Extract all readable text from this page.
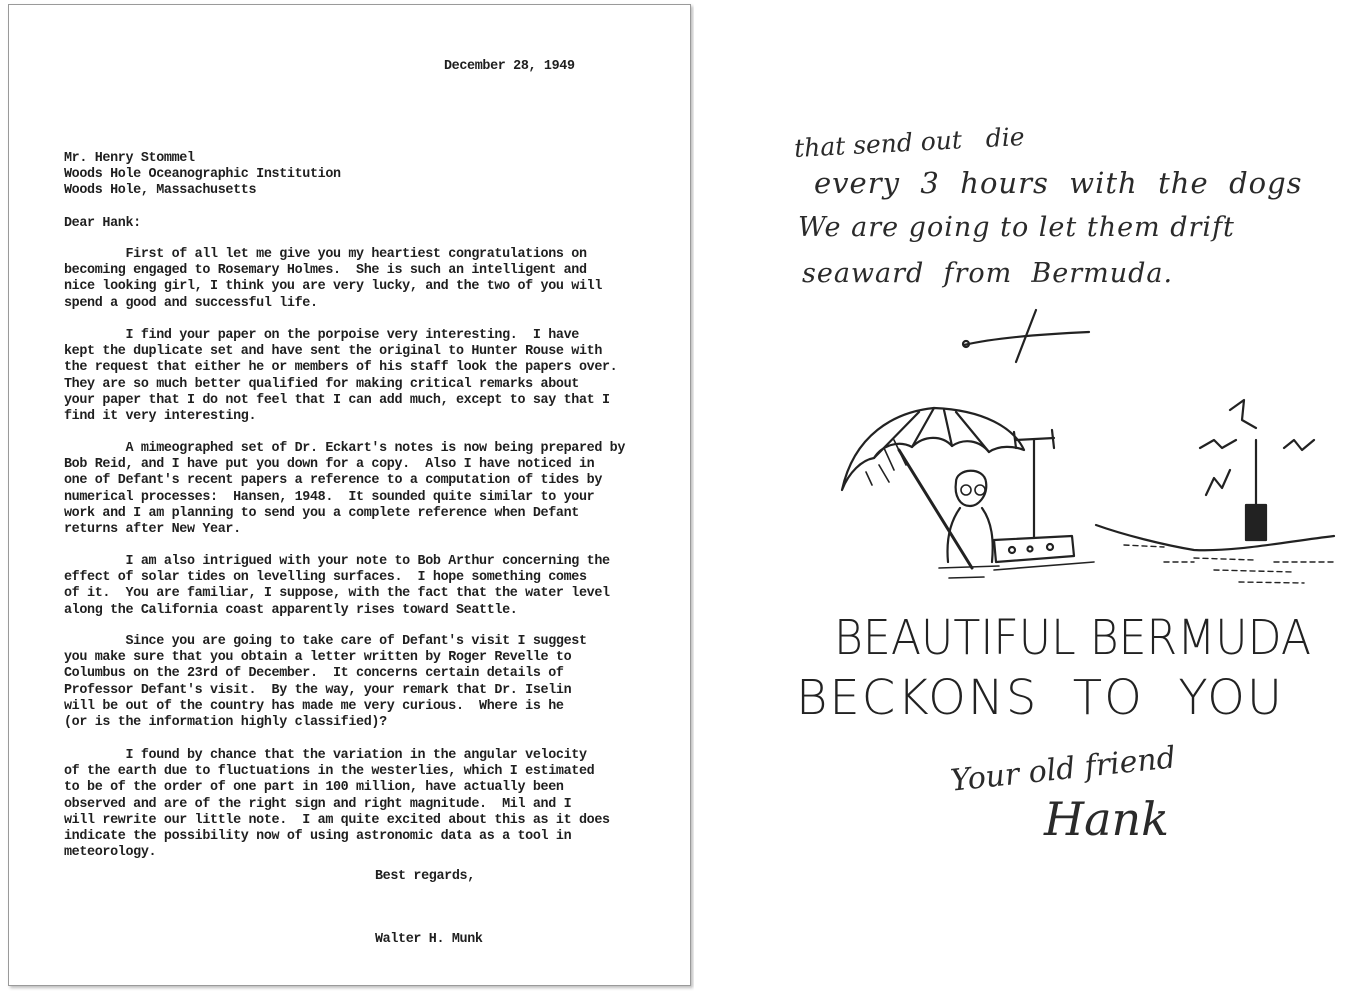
December 28, 1949
Mr. Henry Stommel
Woods Hole Oceanographic Institution
Woods Hole, Massachusetts
Dear Hank:
First of all let me give you my heartiest congratulations on
becoming engaged to Rosemary Holmes.  She is such an intelligent and
nice looking girl, I think you are very lucky, and the two of you will
spend a good and successful life.
I find your paper on the porpoise very interesting.  I have
kept the duplicate set and have sent the original to Hunter Rouse with
the request that either he or members of his staff look the papers over.
They are so much better qualified for making critical remarks about
your paper that I do not feel that I can add much, except to say that I
find it very interesting.
A mimeographed set of Dr. Eckart's notes is now being prepared by
Bob Reid, and I have put you down for a copy.  Also I have noticed in
one of Defant's recent papers a reference to a computation of tides by
numerical processes:  Hansen, 1948.  It sounded quite similar to your
work and I am planning to send you a complete reference when Defant
returns after New Year.
I am also intrigued with your note to Bob Arthur concerning the
effect of solar tides on levelling surfaces.  I hope something comes
of it.  You are familiar, I suppose, with the fact that the water level
along the California coast apparently rises toward Seattle.
Since you are going to take care of Defant's visit I suggest
you make sure that you obtain a letter written by Roger Revelle to
Columbus on the 23rd of December.  It concerns certain details of
Professor Defant's visit.  By the way, your remark that Dr. Iselin
will be out of the country has made me very curious.  Where is he
(or is the information highly classified)?
I found by chance that the variation in the angular velocity
of the earth due to fluctuations in the westerlies, which I estimated
to be of the order of one part in 100 million, have actually been
observed and are of the right sign and right magnitude.  Mil and I
will rewrite our little note.  I am quite excited about this as it does
indicate the possibility now of using astronomic data as a tool in
meteorology.
Best regards,
Walter H. Munk
that send out   die
every  3  hours  with  the  dogs
We are going to let them drift
seaward  from  Bermuda.
BEAUTIFUL BERMUDA
BECKONS  TO  YOU
Your old friend
Hank
